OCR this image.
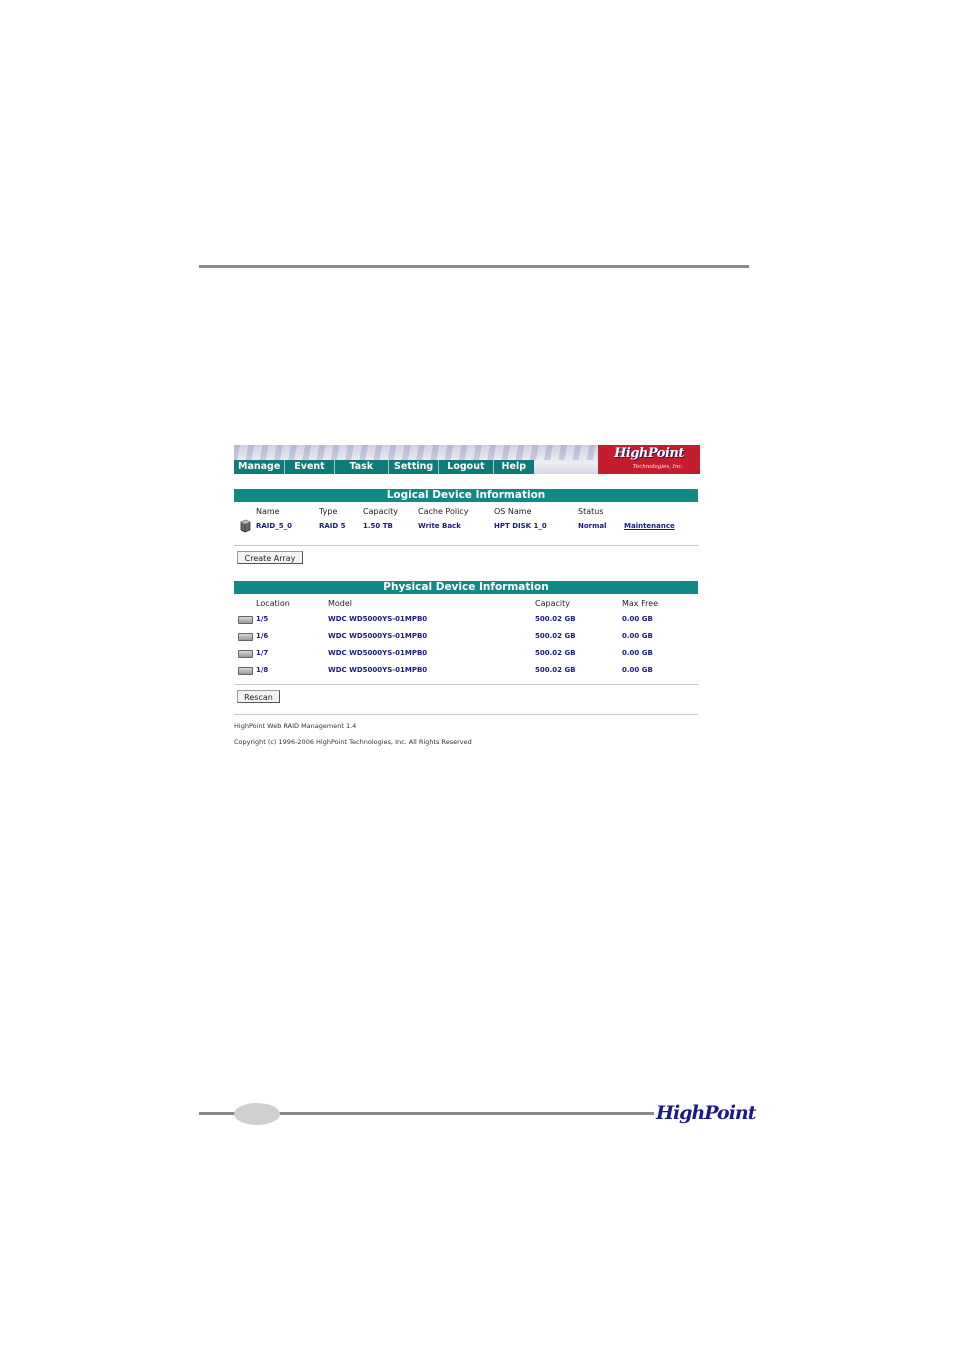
Manage	Event	Task	Setting	Logout	Help
HighPoint
Technologies, Inc.
Logical Device Information
Name	Type	Capacity	Cache Policy	OS Name	Status
RAID_5_0	RAID 5 1.50 TB	Write Back	HPT DISK 1_0	Normal Maintenance
Create Array
Physical Device Information
Location	Model	Capacity	Max Free
1/5	WDC WD5000YS-01MPB0	500.02 GB	0.00 GB
1/6	WDC WD5000YS-01MPB0	500.02 GB	0.00 GB
1/7	WDC WD5000YS-01MPB0	500.02 GB	0.00 GB
1/8	WDC WD5000YS-01MPB0	500.02 GB	0.00 GB
Rescan
HighPoint Web RAID Management 1.4
Copyright (c) 1996-2006 HighPoint Technologies, Inc. All Rights Reserved
HighPoint
